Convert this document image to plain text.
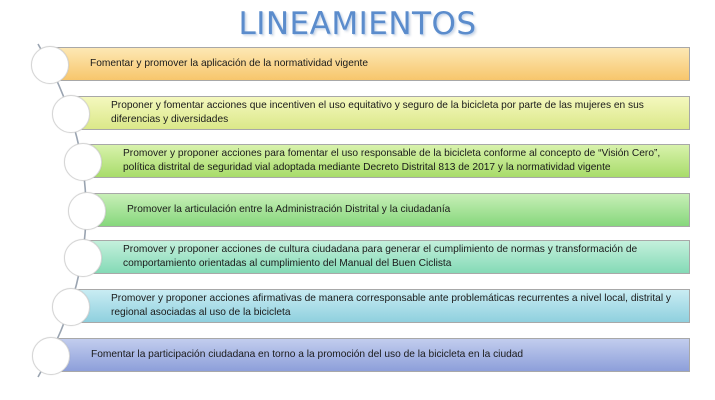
LINEAMIENTOS
Fomentar y promover la aplicación de la normatividad vigente
Proponer y fomentar acciones que incentiven el uso equitativo y seguro de la bicicleta por parte de las mujeres en sus diferencias y diversidades
Promover y proponer acciones para fomentar el uso responsable de la bicicleta conforme al concepto de “Visión Cero”, política distrital de seguridad vial adoptada mediante Decreto Distrital 813 de 2017 y la normatividad vigente
Promover la articulación entre la Administración Distrital y la ciudadanía
Promover y proponer acciones de cultura ciudadana para generar el cumplimiento de normas y transformación de comportamiento orientadas al cumplimiento del Manual del Buen Ciclista
Promover y proponer acciones afirmativas de manera corresponsable ante problemáticas recurrentes a nivel local, distrital y regional asociadas al uso de la bicicleta
Fomentar la participación ciudadana en torno a la promoción del uso de la bicicleta en la ciudad
